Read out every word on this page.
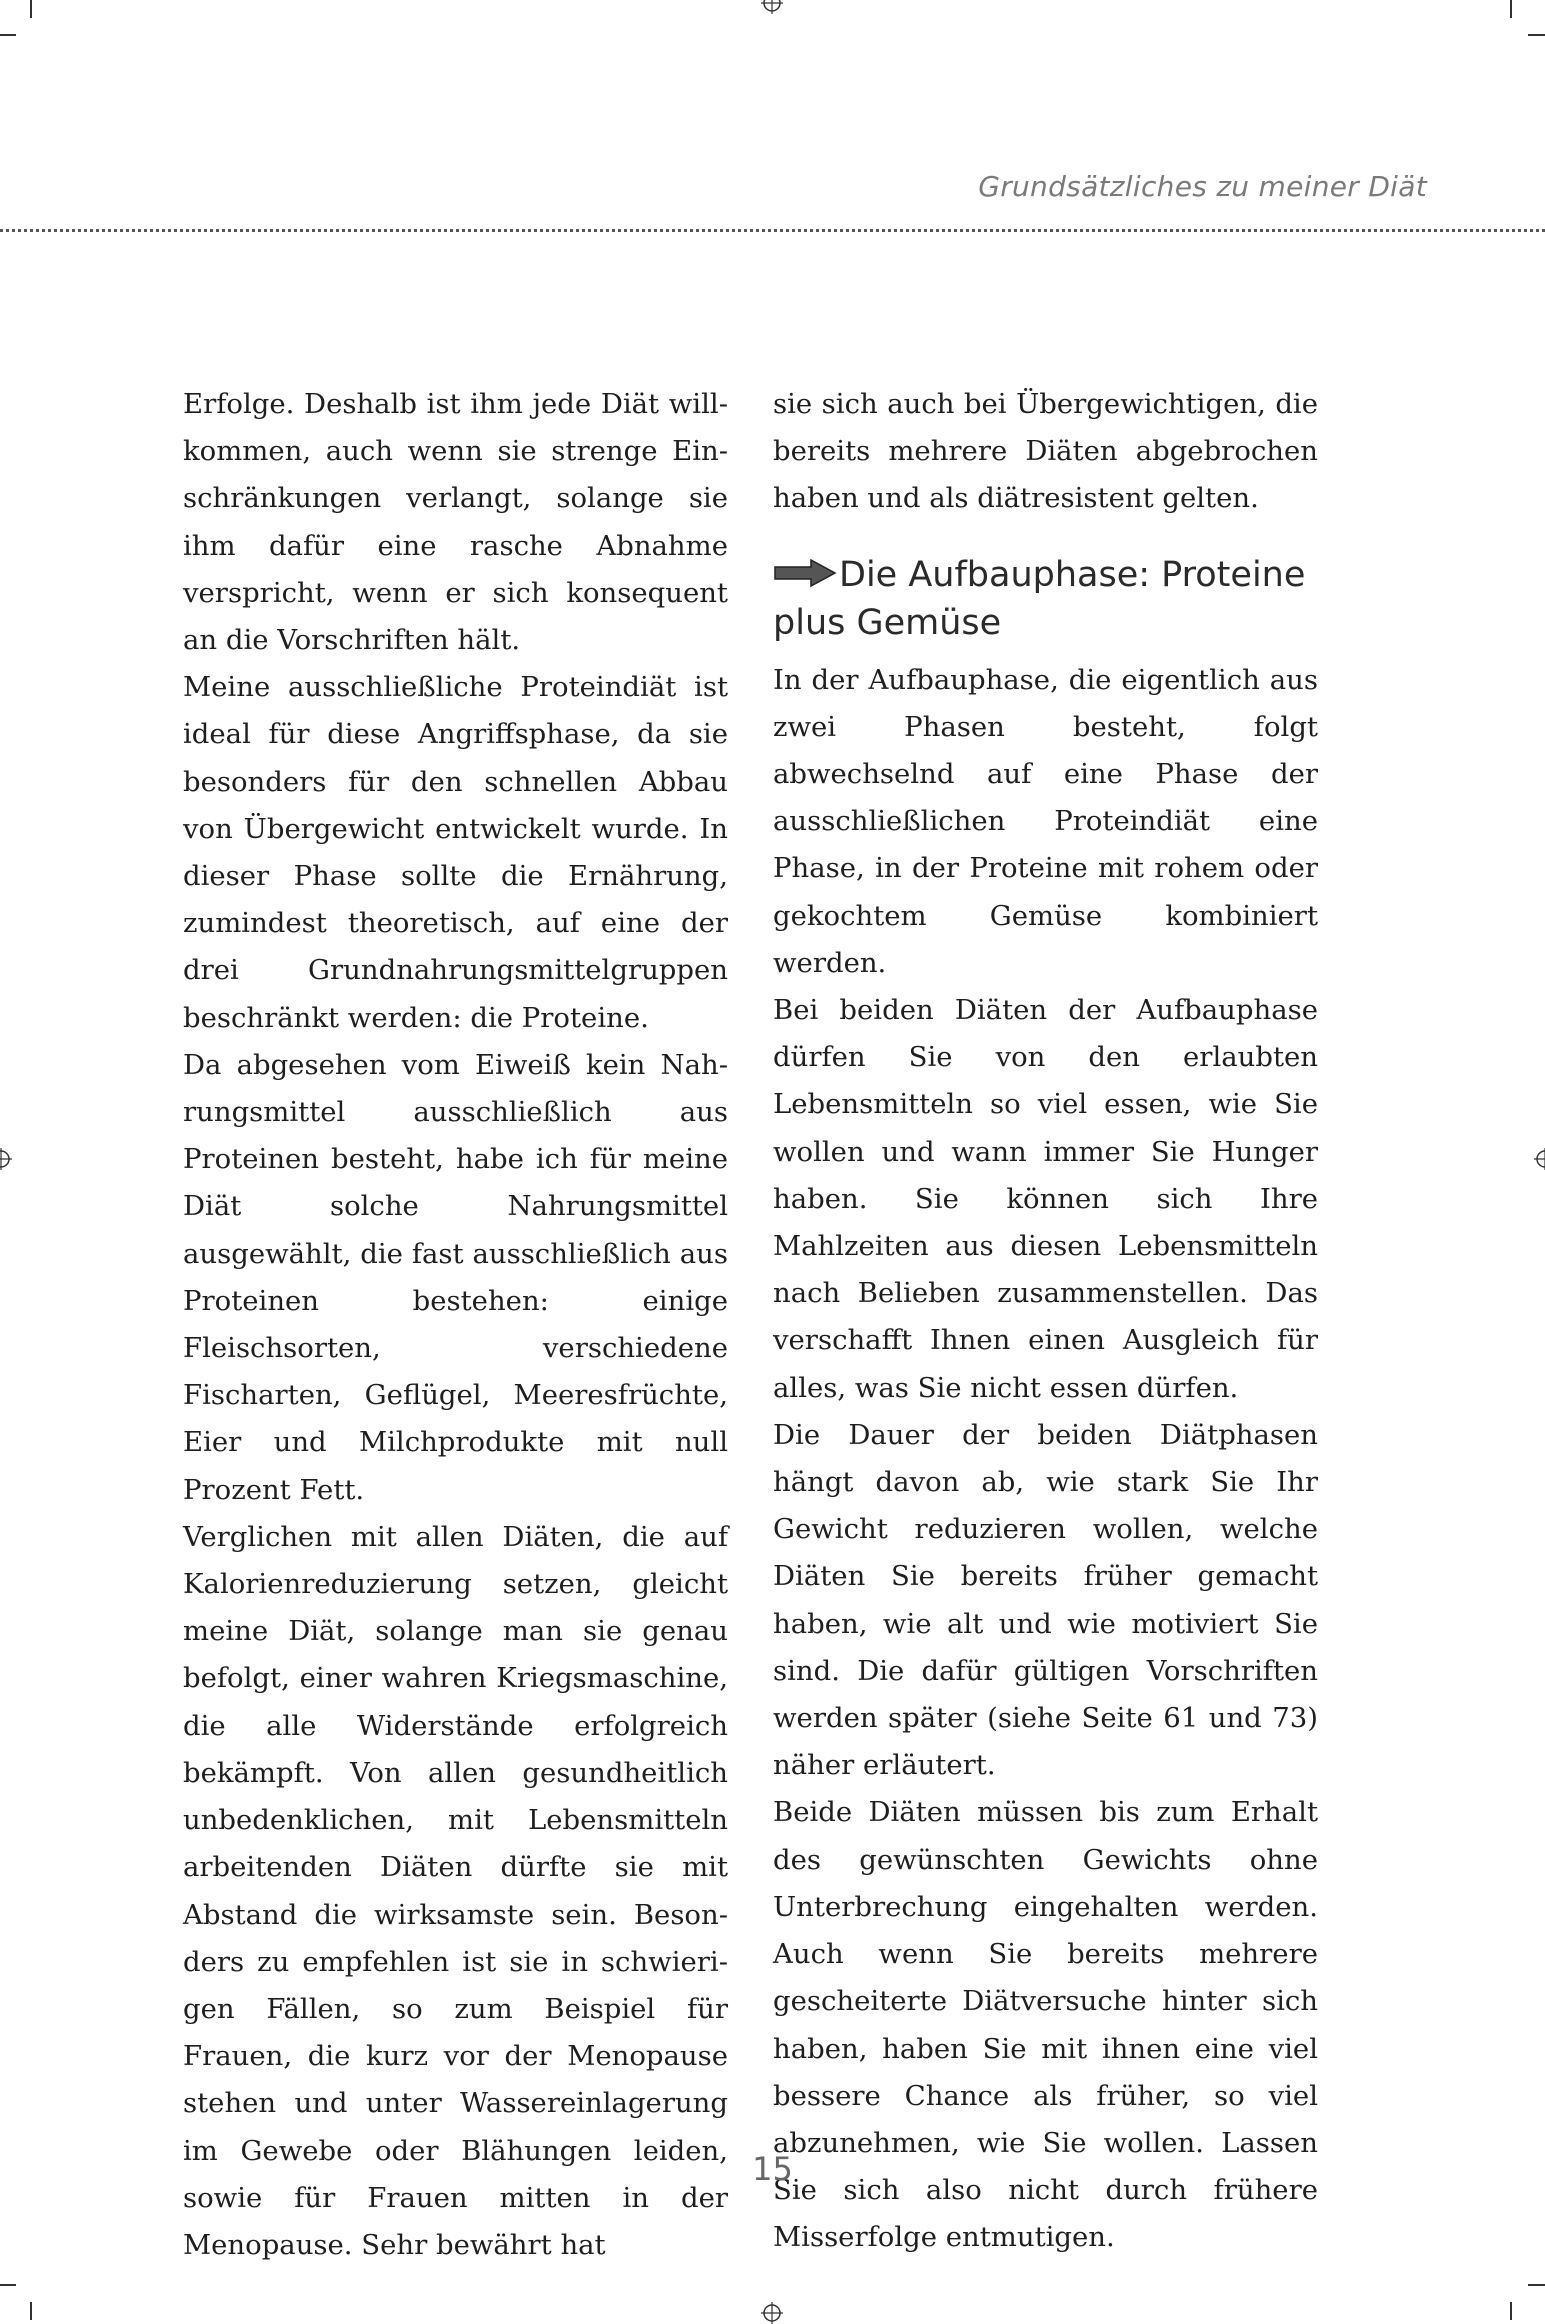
Grundsätzliches zu meiner Diät

Erfolge. Deshalb ist ihm jede Diät willkommen, auch wenn sie strenge Einschränkungen verlangt, solange sie ihm dafür eine rasche Abnahme verspricht, wenn er sich konsequent an die Vorschriften hält.

Meine ausschließliche Proteindiät ist ideal für diese Angriffsphase, da sie besonders für den schnellen Abbau von Übergewicht entwickelt wurde. In dieser Phase sollte die Ernährung, zumindest theoretisch, auf eine der drei Grundnahrungsmittelgruppen beschränkt werden: die Proteine.

Da abgesehen vom Eiweiß kein Nahrungsmittel ausschließlich aus Proteinen besteht, habe ich für meine Diät solche Nahrungsmittel ausgewählt, die fast ausschließlich aus Proteinen bestehen: einige Fleischsorten, verschiedene Fischarten, Geflügel, Meeresfrüchte, Eier und Milchprodukte mit null Prozent Fett.

Verglichen mit allen Diäten, die auf Kalorienreduzierung setzen, gleicht meine Diät, solange man sie genau befolgt, einer wahren Kriegsmaschine, die alle Widerstände erfolgreich bekämpft. Von allen gesundheitlich unbedenklichen, mit Lebensmitteln arbeitenden Diäten dürfte sie mit Abstand die wirksamste sein. Besonders zu empfehlen ist sie in schwierigen Fällen, so zum Beispiel für Frauen, die kurz vor der Menopause stehen und unter Wassereinlagerung im Gewebe oder Blähungen leiden, sowie für Frauen mitten in der Menopause. Sehr bewährt hat

sie sich auch bei Übergewichtigen, die bereits mehrere Diäten abgebrochen haben und als diätresistent gelten.

Die Aufbauphase: Proteine plus Gemüse

In der Aufbauphase, die eigentlich aus zwei Phasen besteht, folgt abwechselnd auf eine Phase der ausschließlichen Proteindiät eine Phase, in der Proteine mit rohem oder gekochtem Gemüse kombiniert werden.

Bei beiden Diäten der Aufbauphase dürfen Sie von den erlaubten Lebensmitteln so viel essen, wie Sie wollen und wann immer Sie Hunger haben. Sie können sich Ihre Mahlzeiten aus diesen Lebensmitteln nach Belieben zusammenstellen. Das verschafft Ihnen einen Ausgleich für alles, was Sie nicht essen dürfen.

Die Dauer der beiden Diätphasen hängt davon ab, wie stark Sie Ihr Gewicht reduzieren wollen, welche Diäten Sie bereits früher gemacht haben, wie alt und wie motiviert Sie sind. Die dafür gültigen Vorschriften werden später (siehe Seite 61 und 73) näher erläutert.

Beide Diäten müssen bis zum Erhalt des gewünschten Gewichts ohne Unterbrechung eingehalten werden. Auch wenn Sie bereits mehrere gescheiterte Diätversuche hinter sich haben, haben Sie mit ihnen eine viel bessere Chance als früher, so viel abzunehmen, wie Sie wollen. Lassen Sie sich also nicht durch frühere Misserfolge entmutigen.

15
